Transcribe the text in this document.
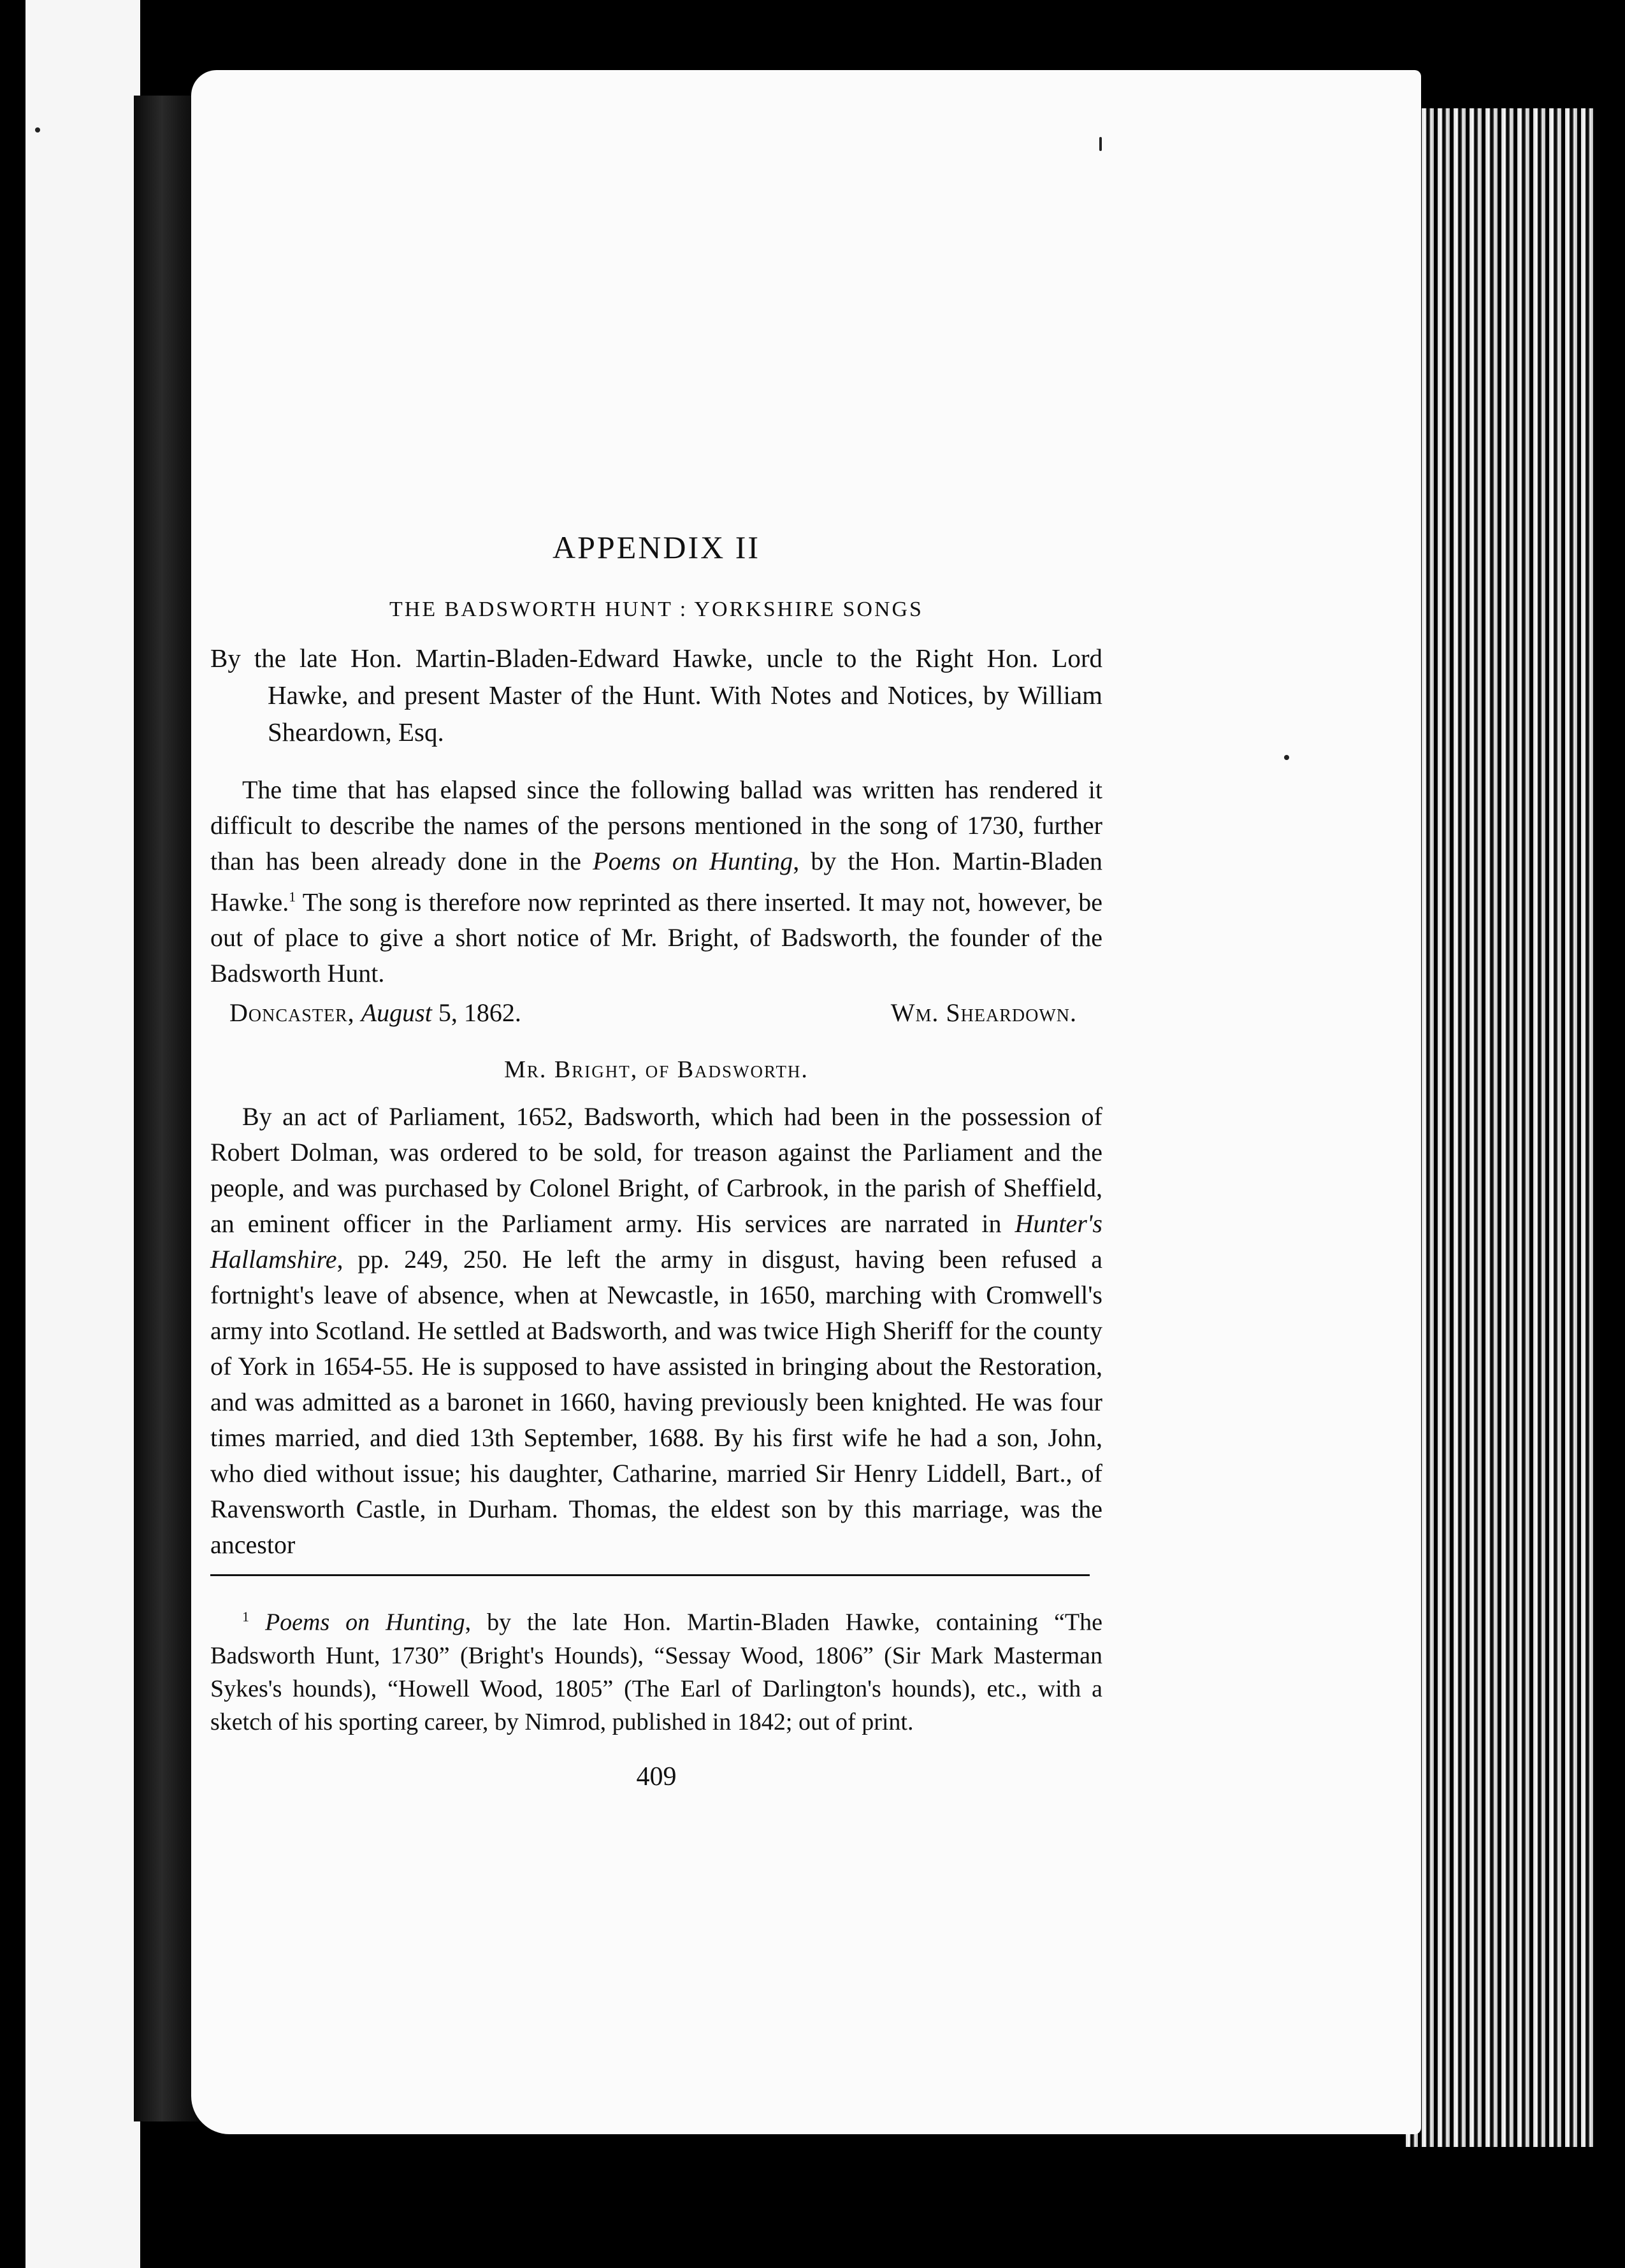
APPENDIX II
THE BADSWORTH HUNT : YORKSHIRE SONGS

By the late Hon. Martin-Bladen-Edward Hawke, uncle to the Right Hon. Lord Hawke, and present Master of the Hunt. With Notes and Notices, by William Sheardown, Esq.

The time that has elapsed since the following ballad was written has rendered it difficult to describe the names of the persons mentioned in the song of 1730, further than has been already done in the Poems on Hunting, by the Hon. Martin-Bladen Hawke.$^1$ The song is therefore now reprinted as there inserted. It may not, however, be out of place to give a short notice of Mr. Bright, of Badsworth, the founder of the Badsworth Hunt.

Doncaster, August 5, 1862.	Wm. Sheardown.
Mr. Bright, of Badsworth.

By an act of Parliament, 1652, Badsworth, which had been in the possession of Robert Dolman, was ordered to be sold, for treason against the Parliament and the people, and was purchased by Colonel Bright, of Carbrook, in the parish of Sheffield, an eminent officer in the Parliament army. His services are narrated in Hunter's Hallamshire, pp. 249, 250. He left the army in disgust, having been refused a fortnight's leave of absence, when at Newcastle, in 1650, marching with Cromwell's army into Scotland. He settled at Badsworth, and was twice High Sheriff for the county of York in 1654-55. He is supposed to have assisted in bringing about the Restoration, and was admitted as a baronet in 1660, having previously been knighted. He was four times married, and died 13th September, 1688. By his first wife he had a son, John, who died without issue; his daughter, Catharine, married Sir Henry Liddell, Bart., of Ravensworth Castle, in Durham. Thomas, the eldest son by this marriage, was the ancestor

$^1$ Poems on Hunting, by the late Hon. Martin-Bladen Hawke, containing “The Badsworth Hunt, 1730” (Bright's Hounds), “Sessay Wood, 1806” (Sir Mark Masterman Sykes's hounds), “Howell Wood, 1805” (The Earl of Darlington's hounds), etc., with a sketch of his sporting career, by Nimrod, published in 1842; out of print.

409
